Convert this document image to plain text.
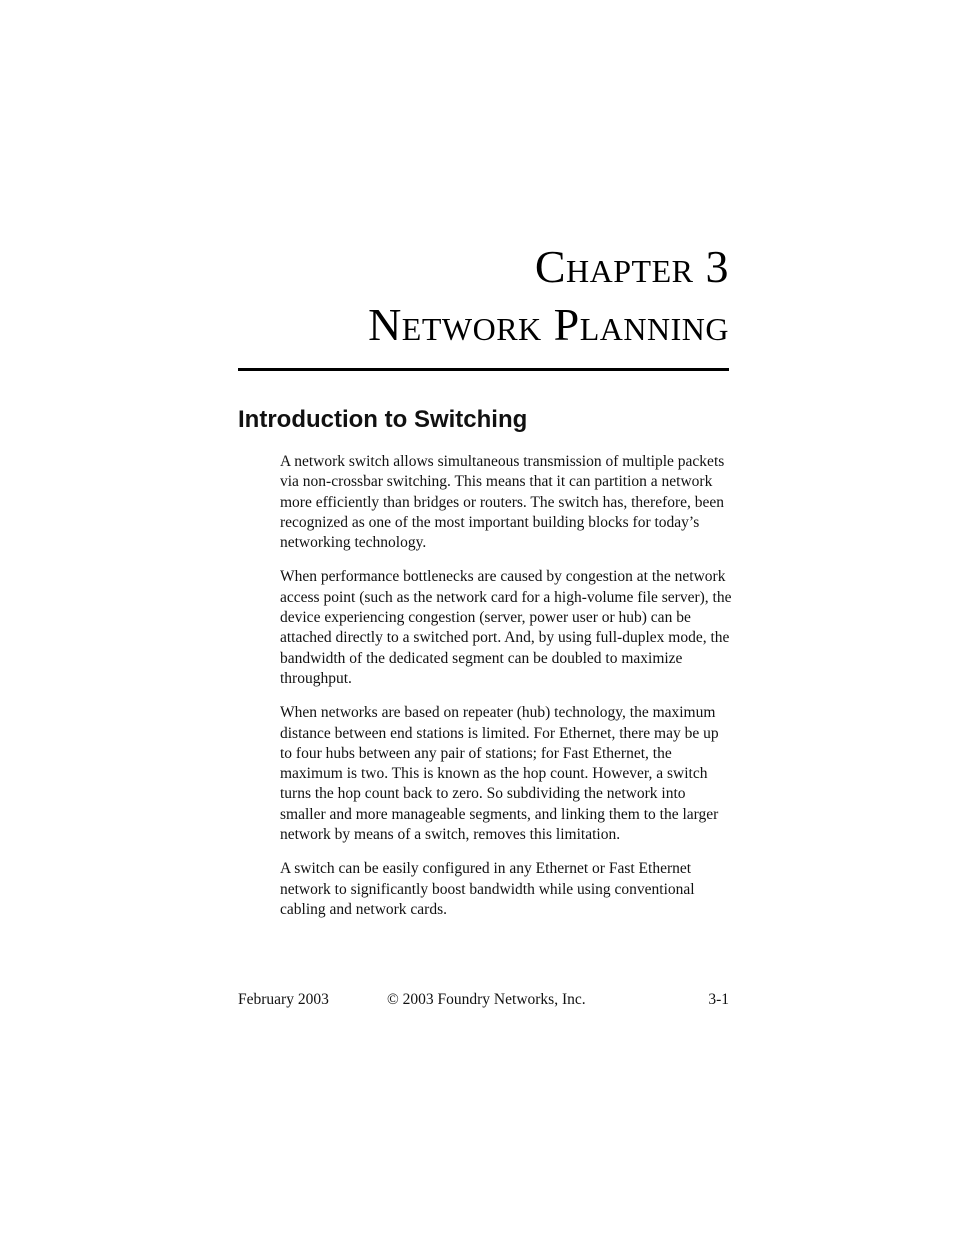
Chapter 3
Network Planning
Introduction to Switching

A network switch allows simultaneous transmission of multiple packets via non-crossbar switching. This means that it can partition a network more efficiently than bridges or routers. The switch has, therefore, been recognized as one of the most important building blocks for today’s networking technology.

When performance bottlenecks are caused by congestion at the network access point (such as the network card for a high-volume file server), the device experiencing congestion (server, power user or hub) can be attached directly to a switched port. And, by using full-duplex mode, the bandwidth of the dedicated segment can be doubled to maximize throughput.

When networks are based on repeater (hub) technology, the maximum distance between end stations is limited. For Ethernet, there may be up to four hubs between any pair of stations; for Fast Ethernet, the maximum is two. This is known as the hop count. However, a switch turns the hop count back to zero. So subdividing the network into smaller and more manageable segments, and linking them to the larger network by means of a switch, removes this limitation.

A switch can be easily configured in any Ethernet or Fast Ethernet network to significantly boost bandwidth while using conventional cabling and network cards.

February 2003	© 2003 Foundry Networks, Inc.	3-1
